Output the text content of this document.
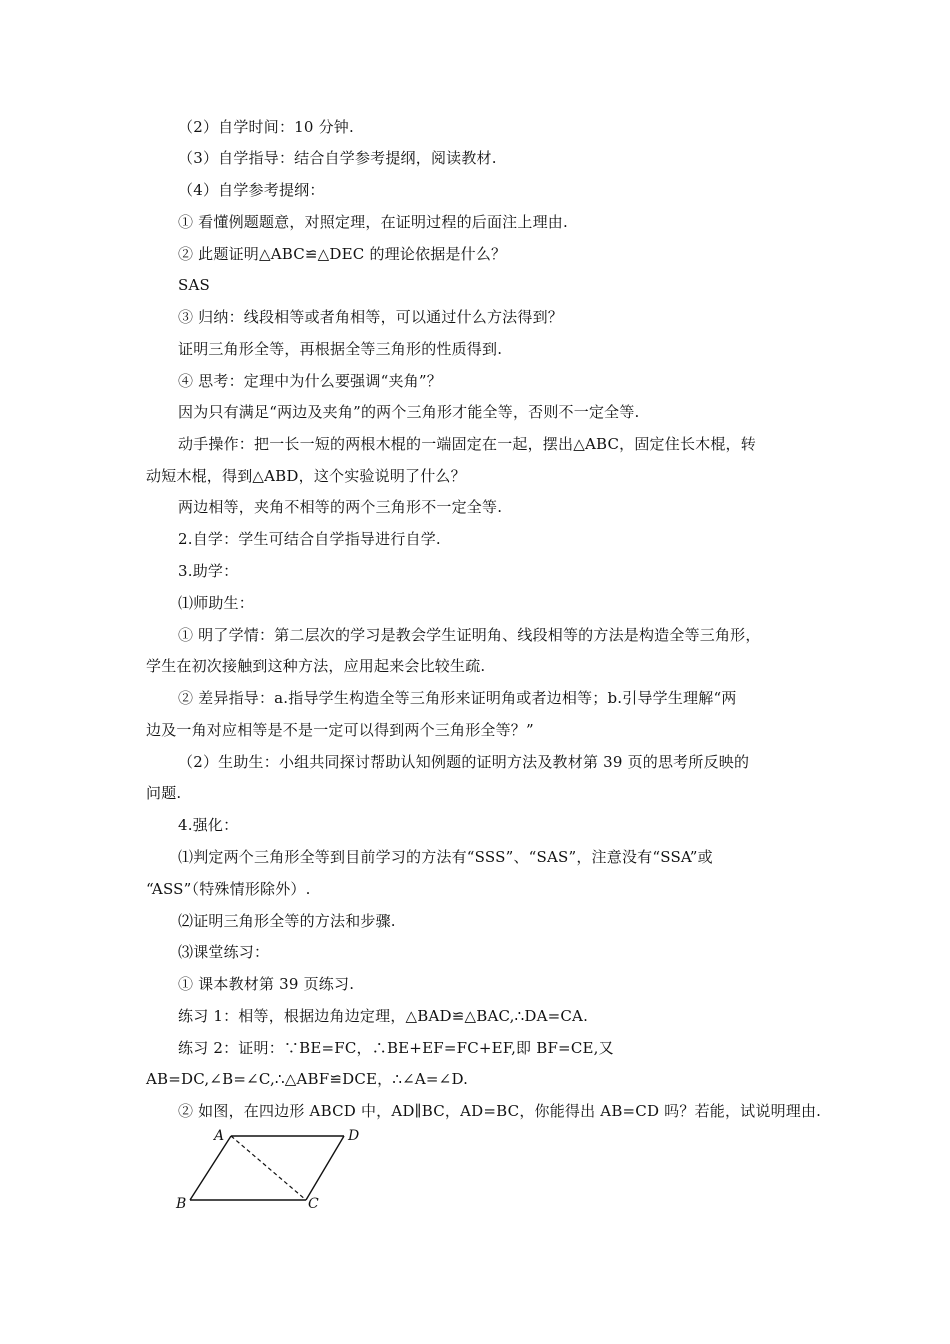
（2）自学时间：10 分钟.
（3）自学指导：结合自学参考提纲，阅读教材.
（4）自学参考提纲：
① 看懂例题题意，对照定理，在证明过程的后面注上理由.
② 此题证明△ABC≌△DEC 的理论依据是什么？
SAS
③ 归纳：线段相等或者角相等，可以通过什么方法得到？
证明三角形全等，再根据全等三角形的性质得到.
④ 思考：定理中为什么要强调“夹角”？
因为只有满足“两边及夹角”的两个三角形才能全等，否则不一定全等.
动手操作：把一长一短的两根木棍的一端固定在一起，摆出△ABC，固定住长木棍，转
动短木棍，得到△ABD，这个实验说明了什么？
两边相等，夹角不相等的两个三角形不一定全等.
2.自学：学生可结合自学指导进行自学.
3.助学：
⑴师助生：
① 明了学情：第二层次的学习是教会学生证明角、线段相等的方法是构造全等三角形，
学生在初次接触到这种方法，应用起来会比较生疏.
② 差异指导：a.指导学生构造全等三角形来证明角或者边相等；b.引导学生理解“两
边及一角对应相等是不是一定可以得到两个三角形全等？”
（2）生助生：小组共同探讨帮助认知例题的证明方法及教材第 39 页的思考所反映的
问题.
4.强化：
⑴判定两个三角形全等到目前学习的方法有“SSS”、“SAS”，注意没有“SSA”或
“ASS”（特殊情形除外）.
⑵证明三角形全等的方法和步骤.
⑶课堂练习：
① 课本教材第 39 页练习.
练习 1：相等，根据边角边定理，△BAD≌△BAC,∴DA=CA.
练习 2：证明：∵BE=FC，∴BE+EF=FC+EF,即 BF=CE,又
AB=DC,∠B=∠C,∴△ABF≌DCE，∴∠A=∠D.
② 如图，在四边形 ABCD 中，AD∥BC，AD=BC，你能得出 AB=CD 吗？若能，试说明理由.
A	D
B	C
